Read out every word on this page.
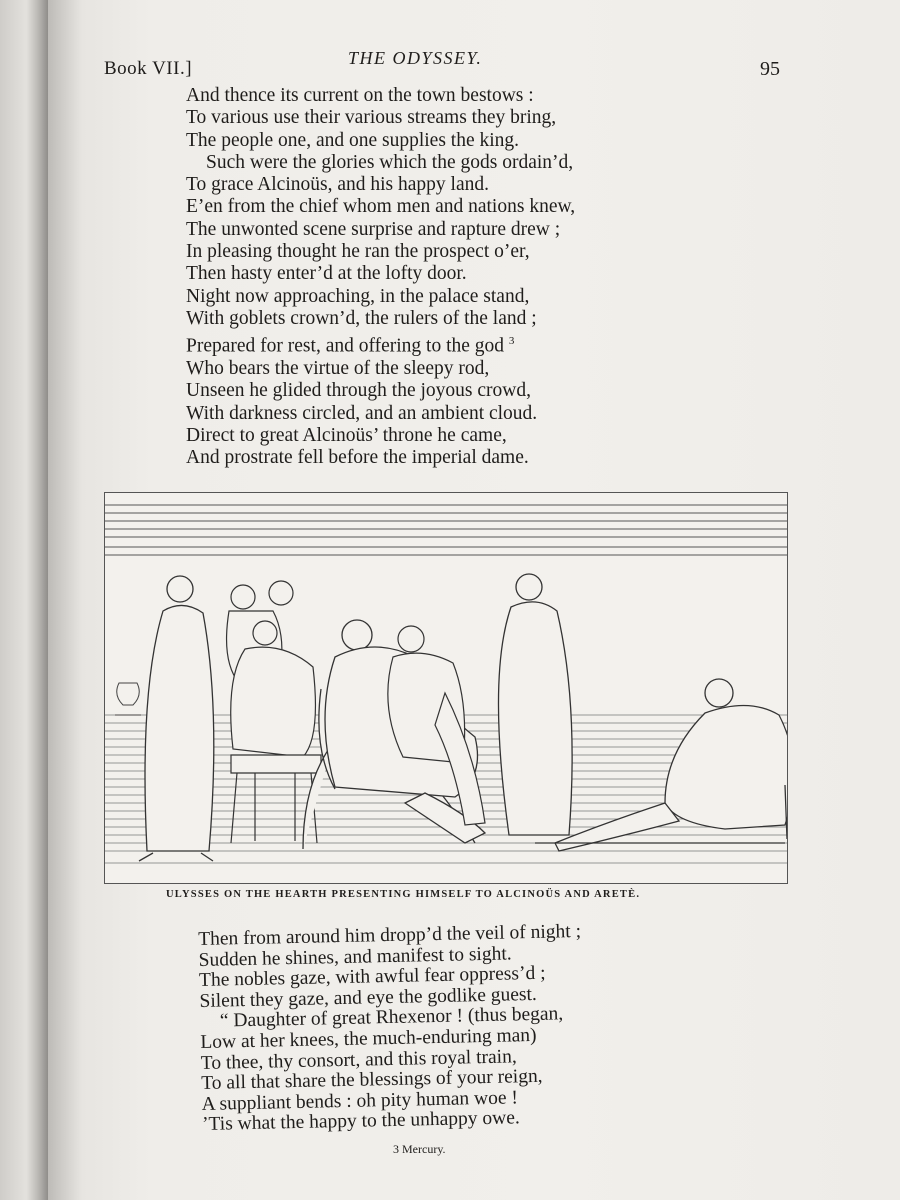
Book VII.]	THE ODYSSEY.	95
And thence its current on the town bestows :
To various use their various streams they bring,
The people one, and one supplies the king.
Such were the glories which the gods ordain’d,
To grace Alcinoüs, and his happy land.
E’en from the chief whom men and nations knew,
The unwonted scene surprise and rapture drew ;
In pleasing thought he ran the prospect o’er,
Then hasty enter’d at the lofty door.
Night now approaching, in the palace stand,
With goblets crown’d, the rulers of the land ;
Prepared for rest, and offering to the god $^3$
Who bears the virtue of the sleepy rod,
Unseen he glided through the joyous crowd,
With darkness circled, and an ambient cloud.
Direct to great Alcinoüs’ throne he came,
And prostrate fell before the imperial dame.
ULYSSES ON THE HEARTH PRESENTING HIMSELF TO ALCINOÜS AND ARETÈ.
Then from around him dropp’d the veil of night ;
Sudden he shines, and manifest to sight.
The nobles gaze, with awful fear oppress’d ;
Silent they gaze, and eye the godlike guest.
“ Daughter of great Rhexenor ! (thus began,
Low at her knees, the much-enduring man)
To thee, thy consort, and this royal train,
To all that share the blessings of your reign,
A suppliant bends : oh pity human woe !
’Tis what the happy to the unhappy owe.
3 Mercury.
